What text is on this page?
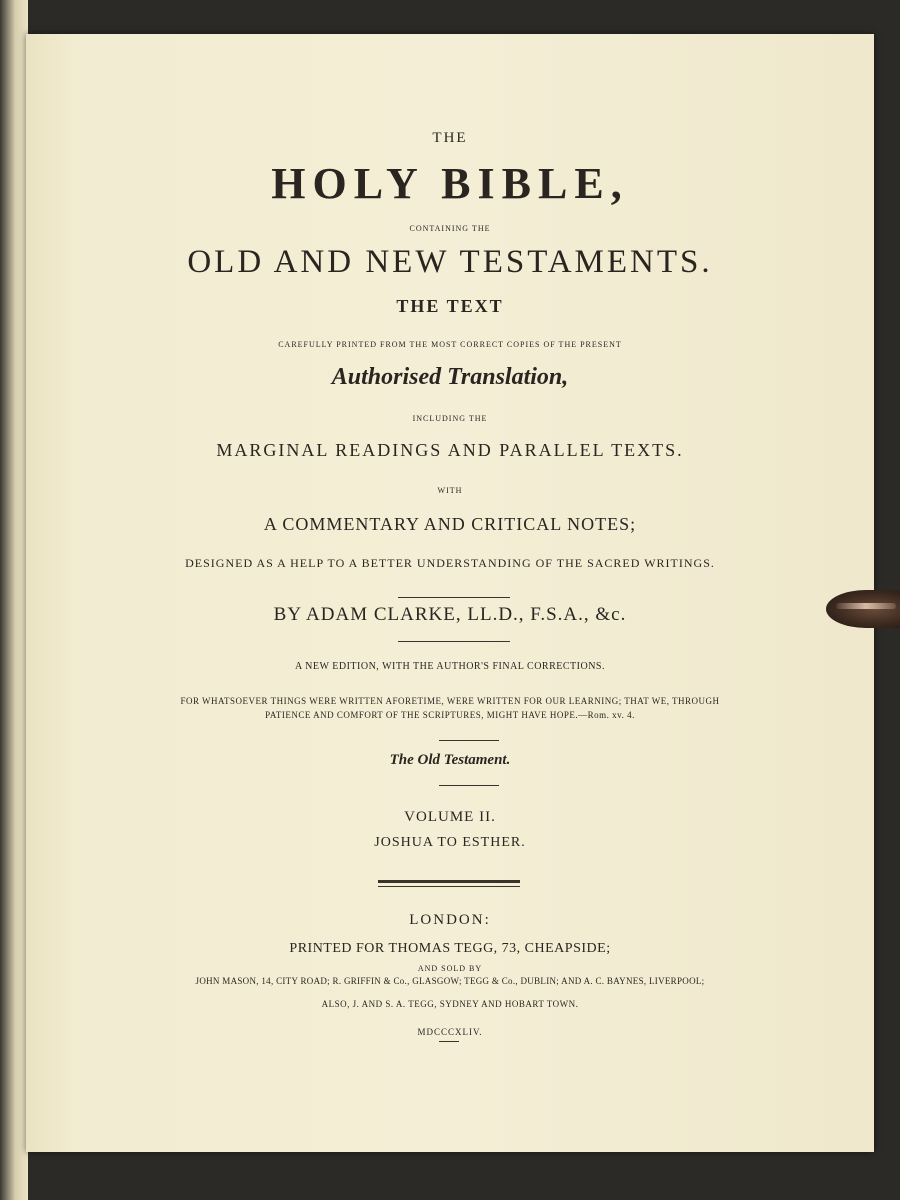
THE
HOLY BIBLE,
CONTAINING THE
OLD AND NEW TESTAMENTS.
THE TEXT
CAREFULLY PRINTED FROM THE MOST CORRECT COPIES OF THE PRESENT
Authorised Translation,
INCLUDING THE
MARGINAL READINGS AND PARALLEL TEXTS.
WITH
A COMMENTARY AND CRITICAL NOTES;
DESIGNED AS A HELP TO A BETTER UNDERSTANDING OF THE SACRED WRITINGS.
BY ADAM CLARKE, LL.D., F.S.A., &c.
A NEW EDITION, WITH THE AUTHOR'S FINAL CORRECTIONS.
FOR WHATSOEVER THINGS WERE WRITTEN AFORETIME, WERE WRITTEN FOR OUR LEARNING; THAT WE, THROUGH
PATIENCE AND COMFORT OF THE SCRIPTURES, MIGHT HAVE HOPE.—Rom. xv. 4.
The Old Testament.
VOLUME II.
JOSHUA TO ESTHER.
LONDON:
PRINTED FOR THOMAS TEGG, 73, CHEAPSIDE;
AND SOLD BY
JOHN MASON, 14, CITY ROAD; R. GRIFFIN & Co., GLASGOW; TEGG & Co., DUBLIN; AND A. C. BAYNES, LIVERPOOL;
ALSO, J. AND S. A. TEGG, SYDNEY AND HOBART TOWN.
MDCCCXLIV.
